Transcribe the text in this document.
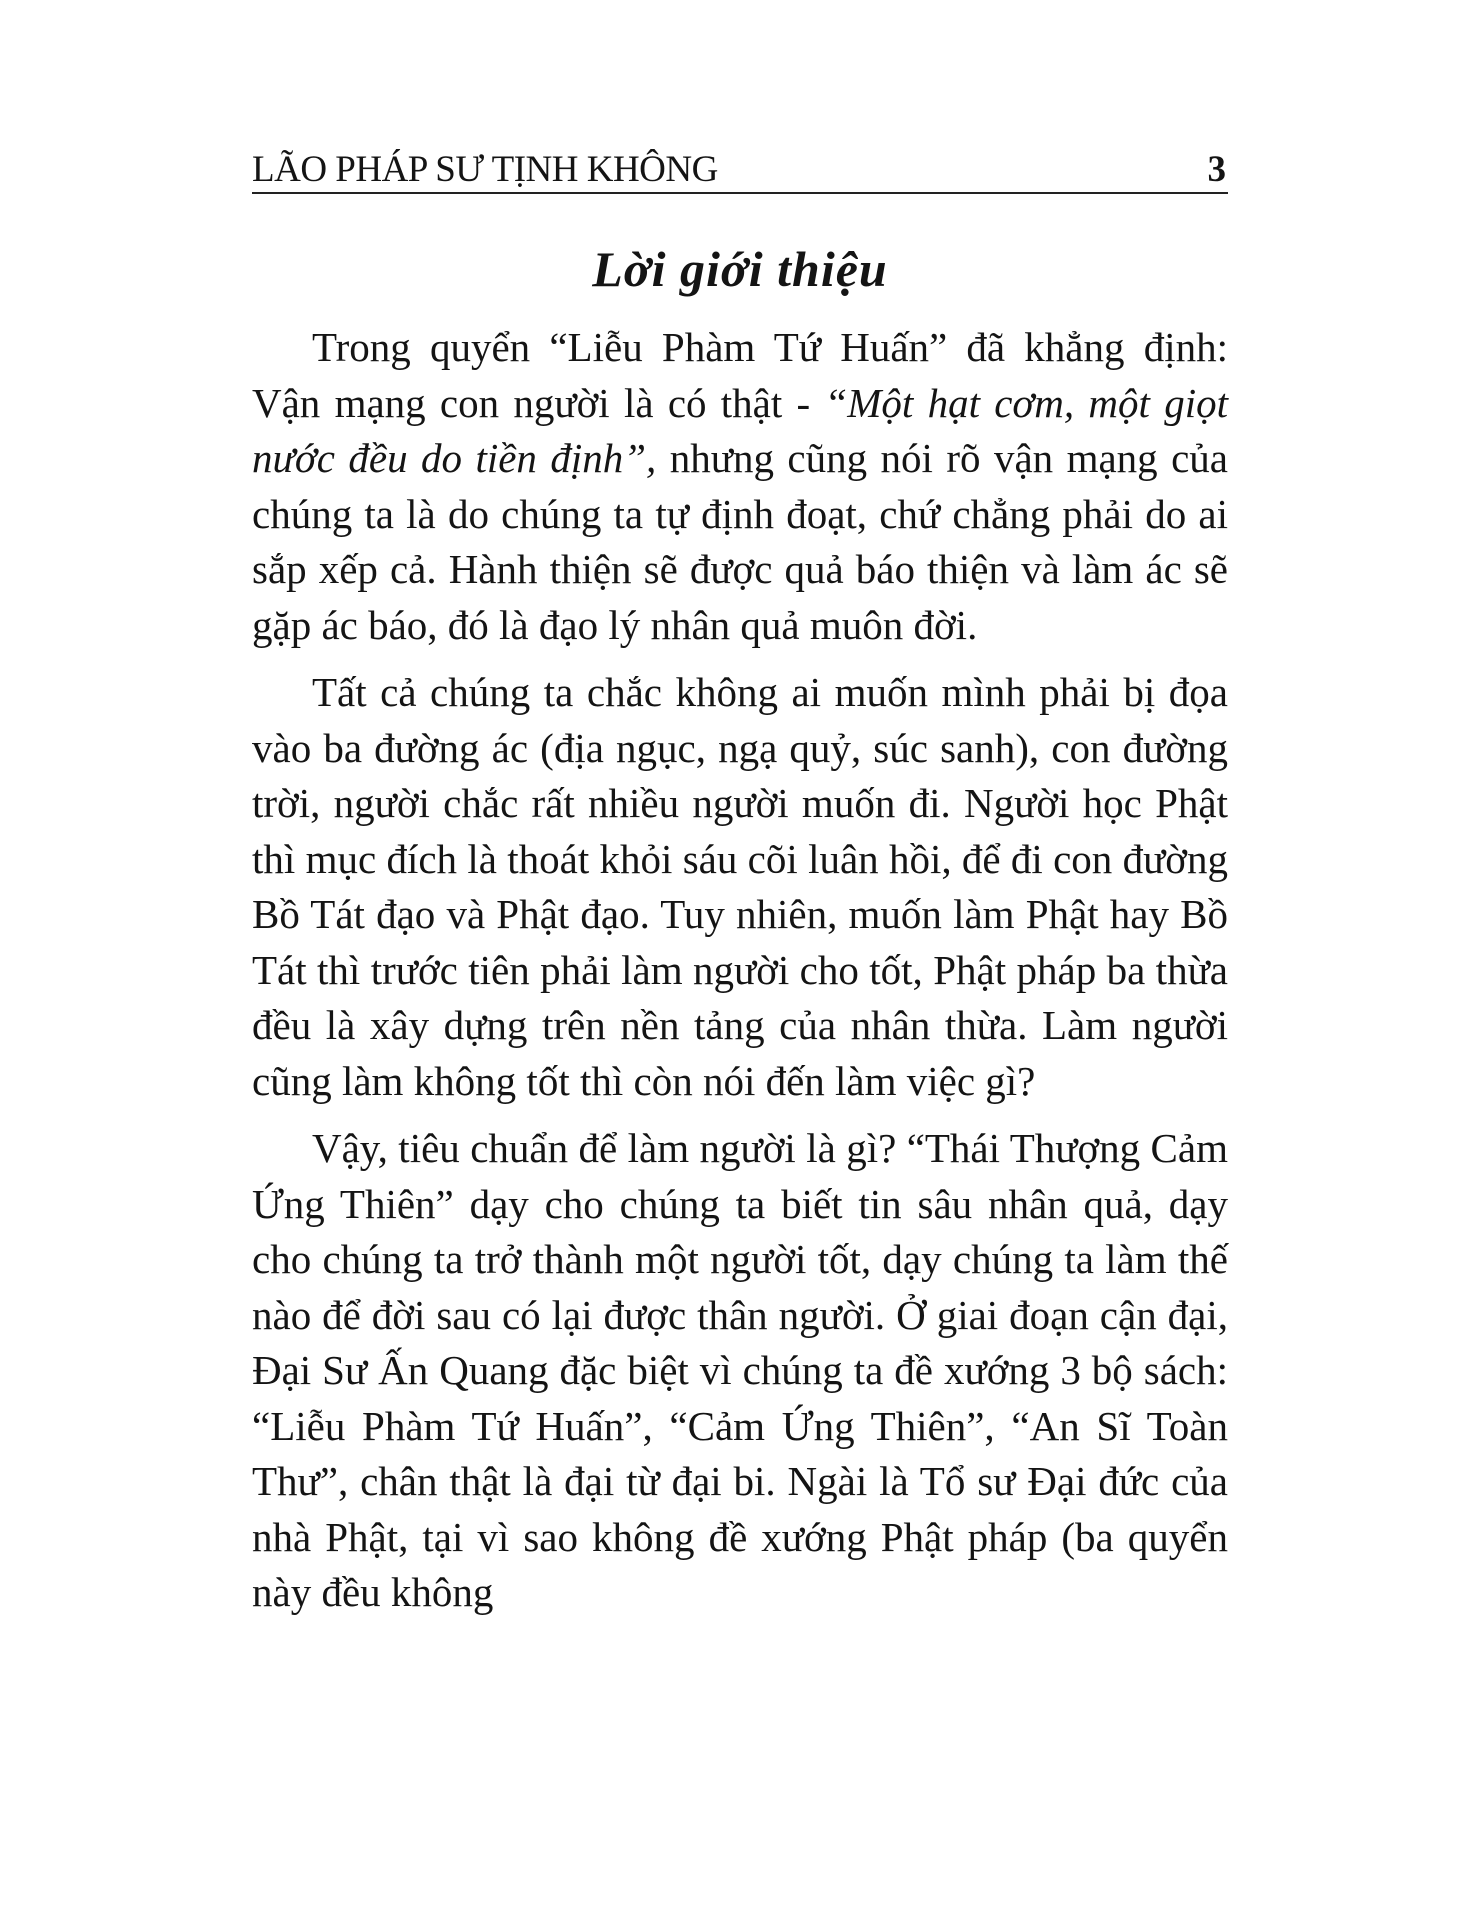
LÃO PHÁP SƯ TỊNH KHÔNG	3
Lời giới thiệu

Trong quyển “Liễu Phàm Tứ Huấn” đã khẳng định: Vận mạng con người là có thật - “Một hạt cơm, một giọt nước đều do tiền định”, nhưng cũng nói rõ vận mạng của chúng ta là do chúng ta tự định đoạt, chứ chẳng phải do ai sắp xếp cả. Hành thiện sẽ được quả báo thiện và làm ác sẽ gặp ác báo, đó là đạo lý nhân quả muôn đời.

Tất cả chúng ta chắc không ai muốn mình phải bị đọa vào ba đường ác (địa ngục, ngạ quỷ, súc sanh), con đường trời, người chắc rất nhiều người muốn đi. Người học Phật thì mục đích là thoát khỏi sáu cõi luân hồi, để đi con đường Bồ Tát đạo và Phật đạo. Tuy nhiên, muốn làm Phật hay Bồ Tát thì trước tiên phải làm người cho tốt, Phật pháp ba thừa đều là xây dựng trên nền tảng của nhân thừa. Làm người cũng làm không tốt thì còn nói đến làm việc gì?

Vậy, tiêu chuẩn để làm người là gì? “Thái Thượng Cảm Ứng Thiên” dạy cho chúng ta biết tin sâu nhân quả, dạy cho chúng ta trở thành một người tốt, dạy chúng ta làm thế nào để đời sau có lại được thân người. Ở giai đoạn cận đại, Đại Sư Ấn Quang đặc biệt vì chúng ta đề xướng 3 bộ sách: “Liễu Phàm Tứ Huấn”, “Cảm Ứng Thiên”, “An Sĩ Toàn Thư”, chân thật là đại từ đại bi. Ngài là Tổ sư Đại đức của nhà Phật, tại vì sao không đề xướng Phật pháp (ba quyển này đều không
